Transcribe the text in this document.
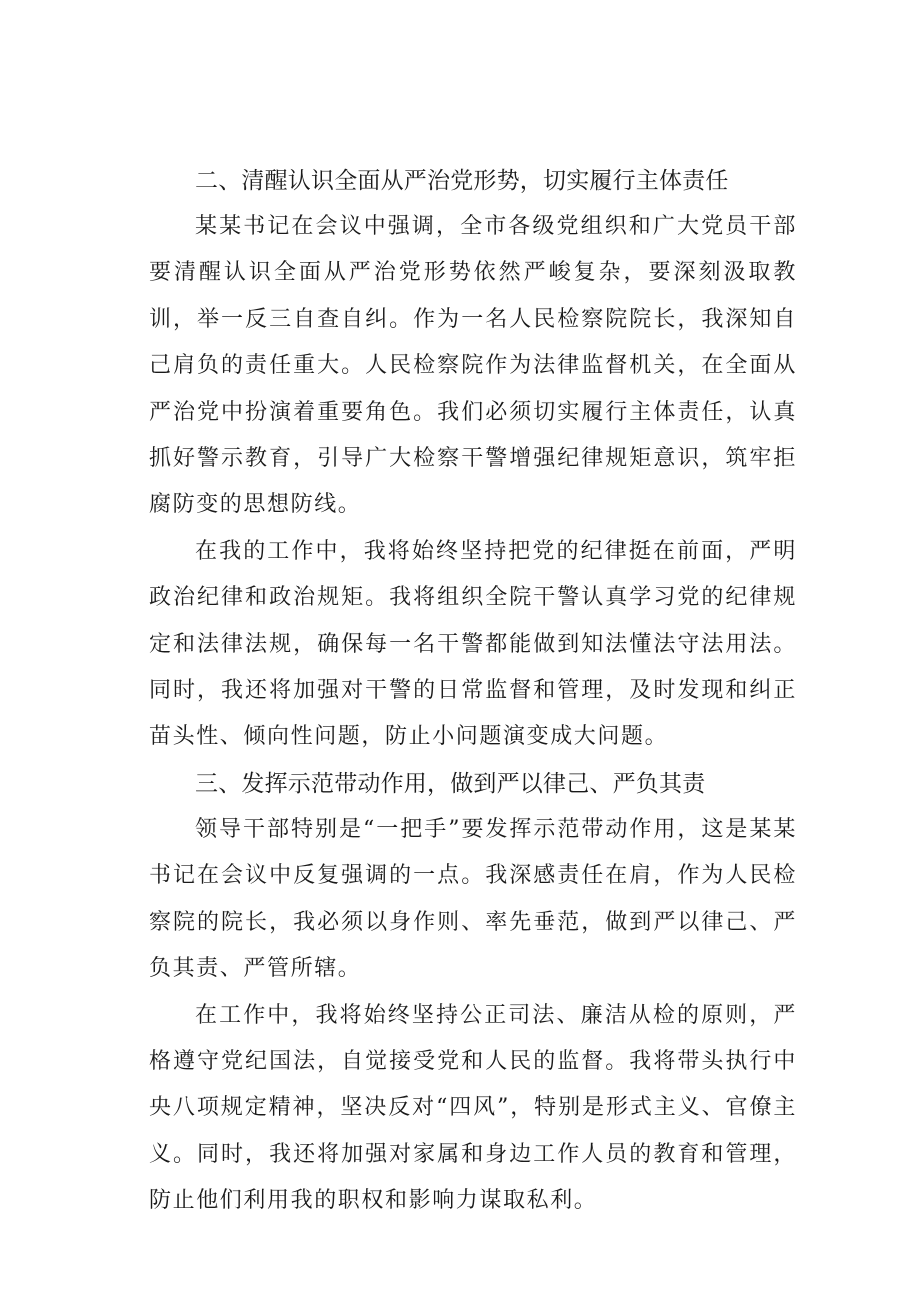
二、清醒认识全面从严治党形势，切实履行主体责任

某某书记在会议中强调，全市各级党组织和广大党员干部要清醒认识全面从严治党形势依然严峻复杂，要深刻汲取教训，举一反三自查自纠。作为一名人民检察院院长，我深知自己肩负的责任重大。人民检察院作为法律监督机关，在全面从严治党中扮演着重要角色。我们必须切实履行主体责任，认真抓好警示教育，引导广大检察干警增强纪律规矩意识，筑牢拒腐防变的思想防线。

在我的工作中，我将始终坚持把党的纪律挺在前面，严明政治纪律和政治规矩。我将组织全院干警认真学习党的纪律规定和法律法规，确保每一名干警都能做到知法懂法守法用法。同时，我还将加强对干警的日常监督和管理，及时发现和纠正苗头性、倾向性问题，防止小问题演变成大问题。

三、发挥示范带动作用，做到严以律己、严负其责

领导干部特别是“一把手”要发挥示范带动作用，这是某某书记在会议中反复强调的一点。我深感责任在肩，作为人民检察院的院长，我必须以身作则、率先垂范，做到严以律己、严负其责、严管所辖。

在工作中，我将始终坚持公正司法、廉洁从检的原则，严格遵守党纪国法，自觉接受党和人民的监督。我将带头执行中央八项规定精神，坚决反对“四风”，特别是形式主义、官僚主义。同时，我还将加强对家属和身边工作人员的教育和管理，防止他们利用我的职权和影响力谋取私利。
